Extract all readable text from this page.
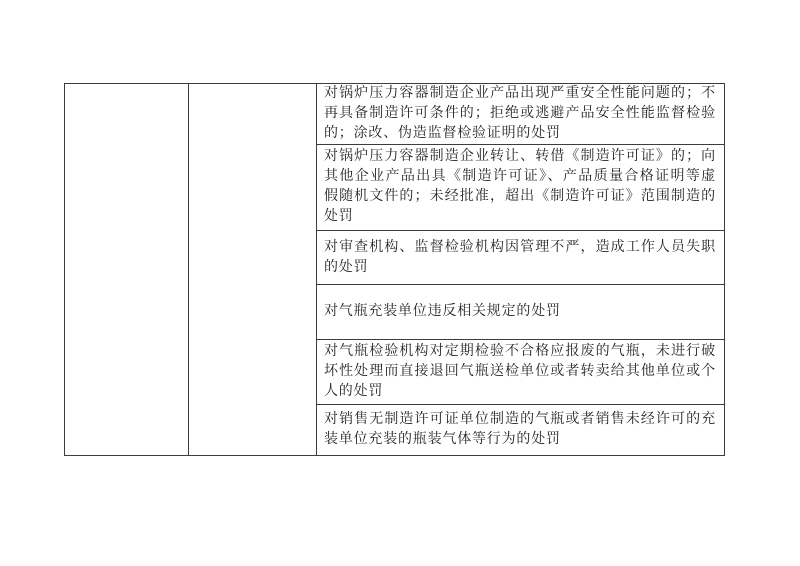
对锅炉压力容器制造企业产品出现严重安全性能问题的；不再具备制造许可条件的；拒绝或逃避产品安全性能监督检验的；涂改、伪造监督检验证明的处罚
对锅炉压力容器制造企业转让、转借《制造许可证》的；向其他企业产品出具《制造许可证》、产品质量合格证明等虚假随机文件的；未经批准，超出《制造许可证》范围制造的处罚
对审查机构、监督检验机构因管理不严，造成工作人员失职的处罚
对气瓶充装单位违反相关规定的处罚
对气瓶检验机构对定期检验不合格应报废的气瓶，未进行破坏性处理而直接退回气瓶送检单位或者转卖给其他单位或个人的处罚
对销售无制造许可证单位制造的气瓶或者销售未经许可的充装单位充装的瓶装气体等行为的处罚
